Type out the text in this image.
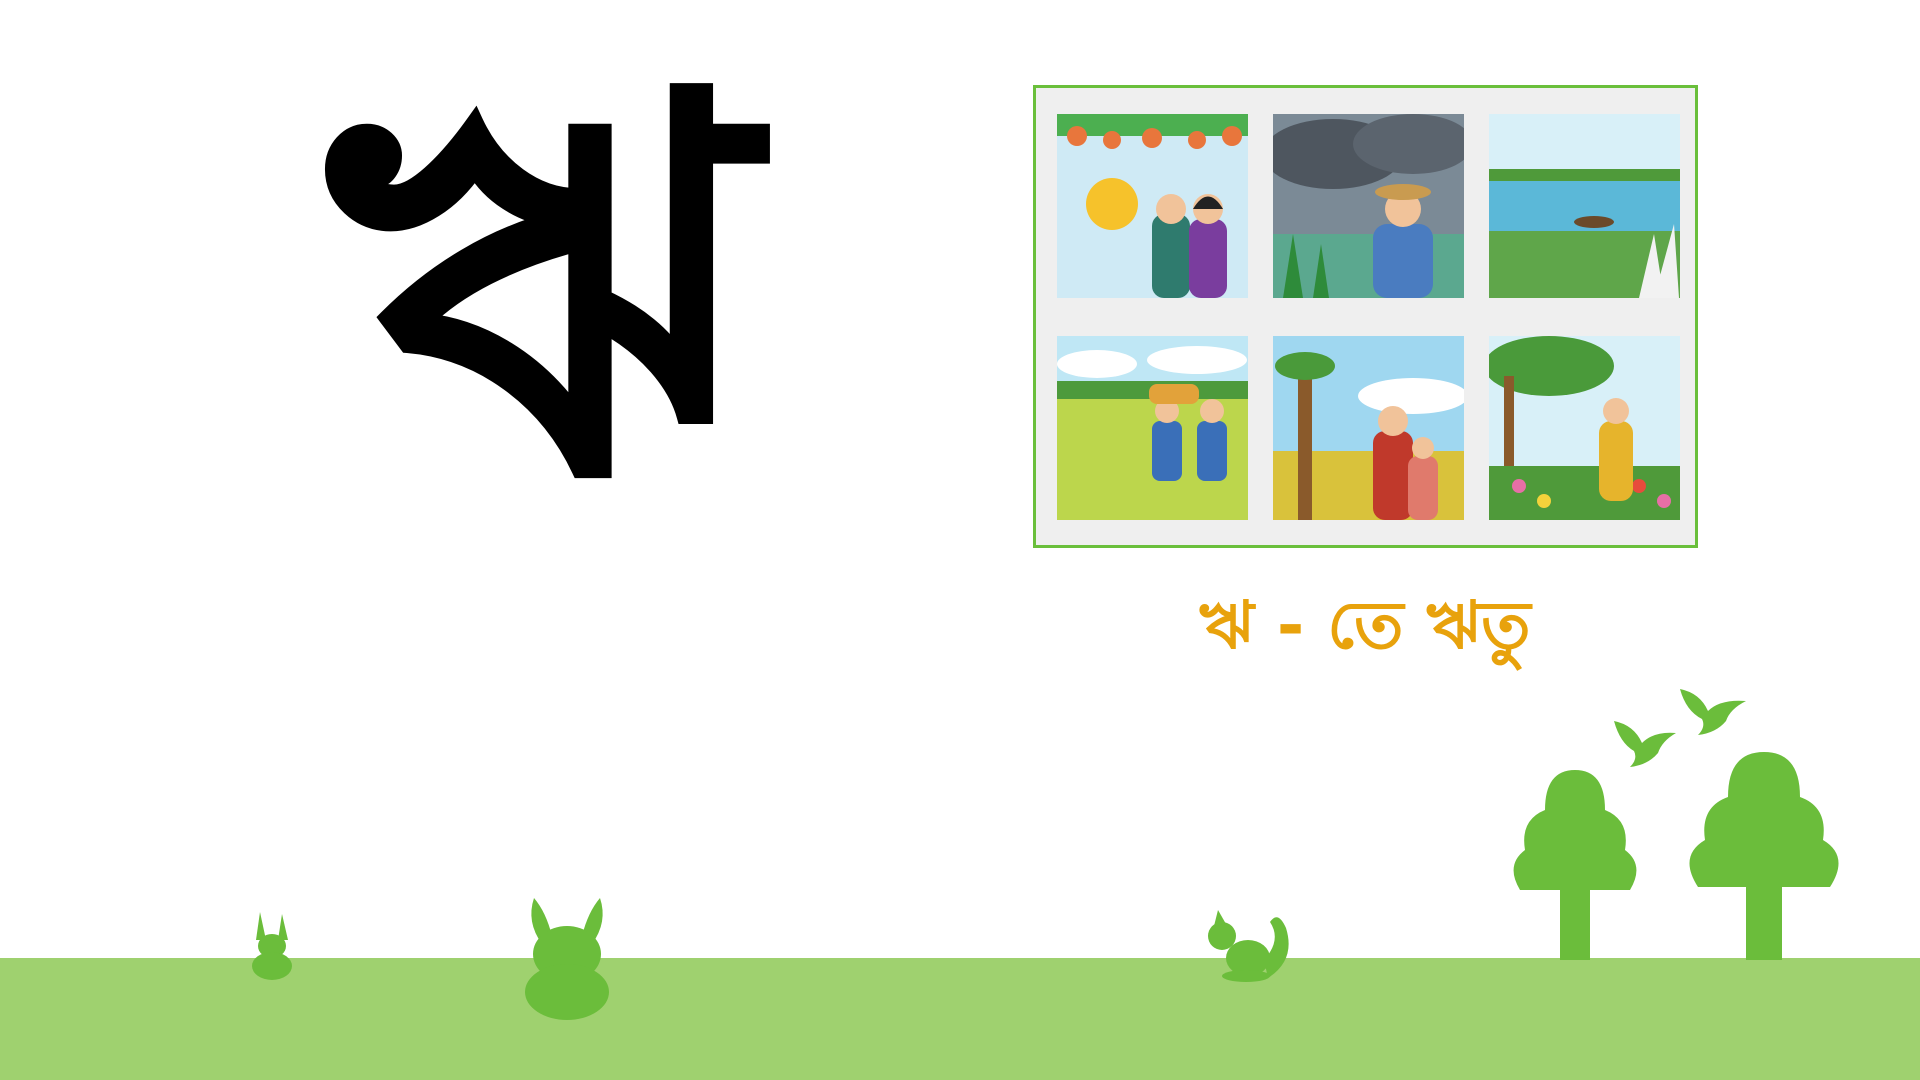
ঋ
ঋ - তে ঋতু
